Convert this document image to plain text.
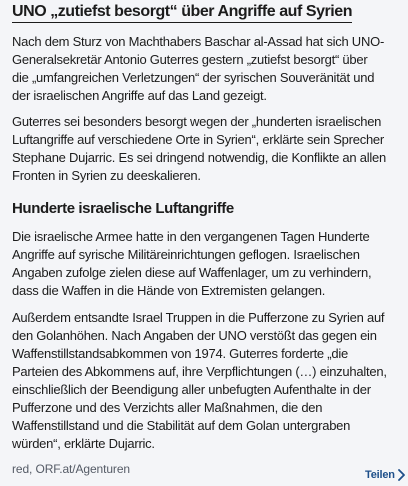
UNO „zutiefst besorgt“ über Angriffe auf Syrien

Nach dem Sturz von Machthabers Baschar al-Assad hat sich UNO-
Generalsekretär Antonio Guterres gestern „zutiefst besorgt“ über
die „umfangreichen Verletzungen“ der syrischen Souveränität und
der israelischen Angriffe auf das Land gezeigt.

Guterres sei besonders besorgt wegen der „hunderten israelischen
Luftangriffe auf verschiedene Orte in Syrien“, erklärte sein Sprecher
Stephane Dujarric. Es sei dringend notwendig, die Konflikte an allen
Fronten in Syrien zu deeskalieren.

Hunderte israelische Luftangriffe

Die israelische Armee hatte in den vergangenen Tagen Hunderte
Angriffe auf syrische Militäreinrichtungen geflogen. Israelischen
Angaben zufolge zielen diese auf Waffenlager, um zu verhindern,
dass die Waffen in die Hände von Extremisten gelangen.

Außerdem entsandte Israel Truppen in die Pufferzone zu Syrien auf
den Golanhöhen. Nach Angaben der UNO verstößt das gegen ein
Waffenstillstandsabkommen von 1974. Guterres forderte „die
Parteien des Abkommens auf, ihre Verpflichtungen (…) einzuhalten,
einschließlich der Beendigung aller unbefugten Aufenthalte in der
Pufferzone und des Verzichts aller Maßnahmen, die den
Waffenstillstand und die Stabilität auf dem Golan untergraben
würden“, erklärte Dujarric.

red, ORF.at/Agenturen	Teilen
